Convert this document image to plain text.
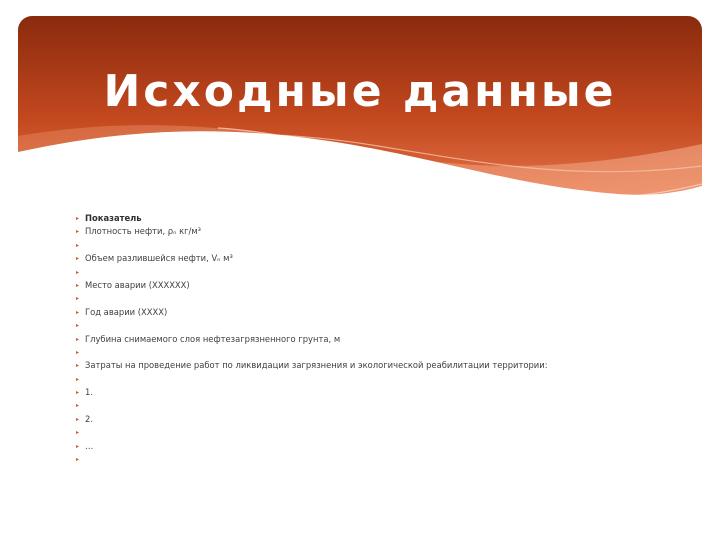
Исходные данные
▸ Показатель
▸ Плотность нефти, ρₙ кг/м³
▸
▸ Объем разлившейся нефти, Vₙ м³
▸
▸ Место аварии (ХХХХХХ)
▸
▸ Год аварии (ХХХХ)
▸
▸ Глубина снимаемого слоя нефтезагрязненного грунта, м
▸
▸ Затраты на проведение работ по ликвидации загрязнения и экологической реабилитации территории:
▸
▸ 1.
▸
▸ 2.
▸
▸ …
▸
